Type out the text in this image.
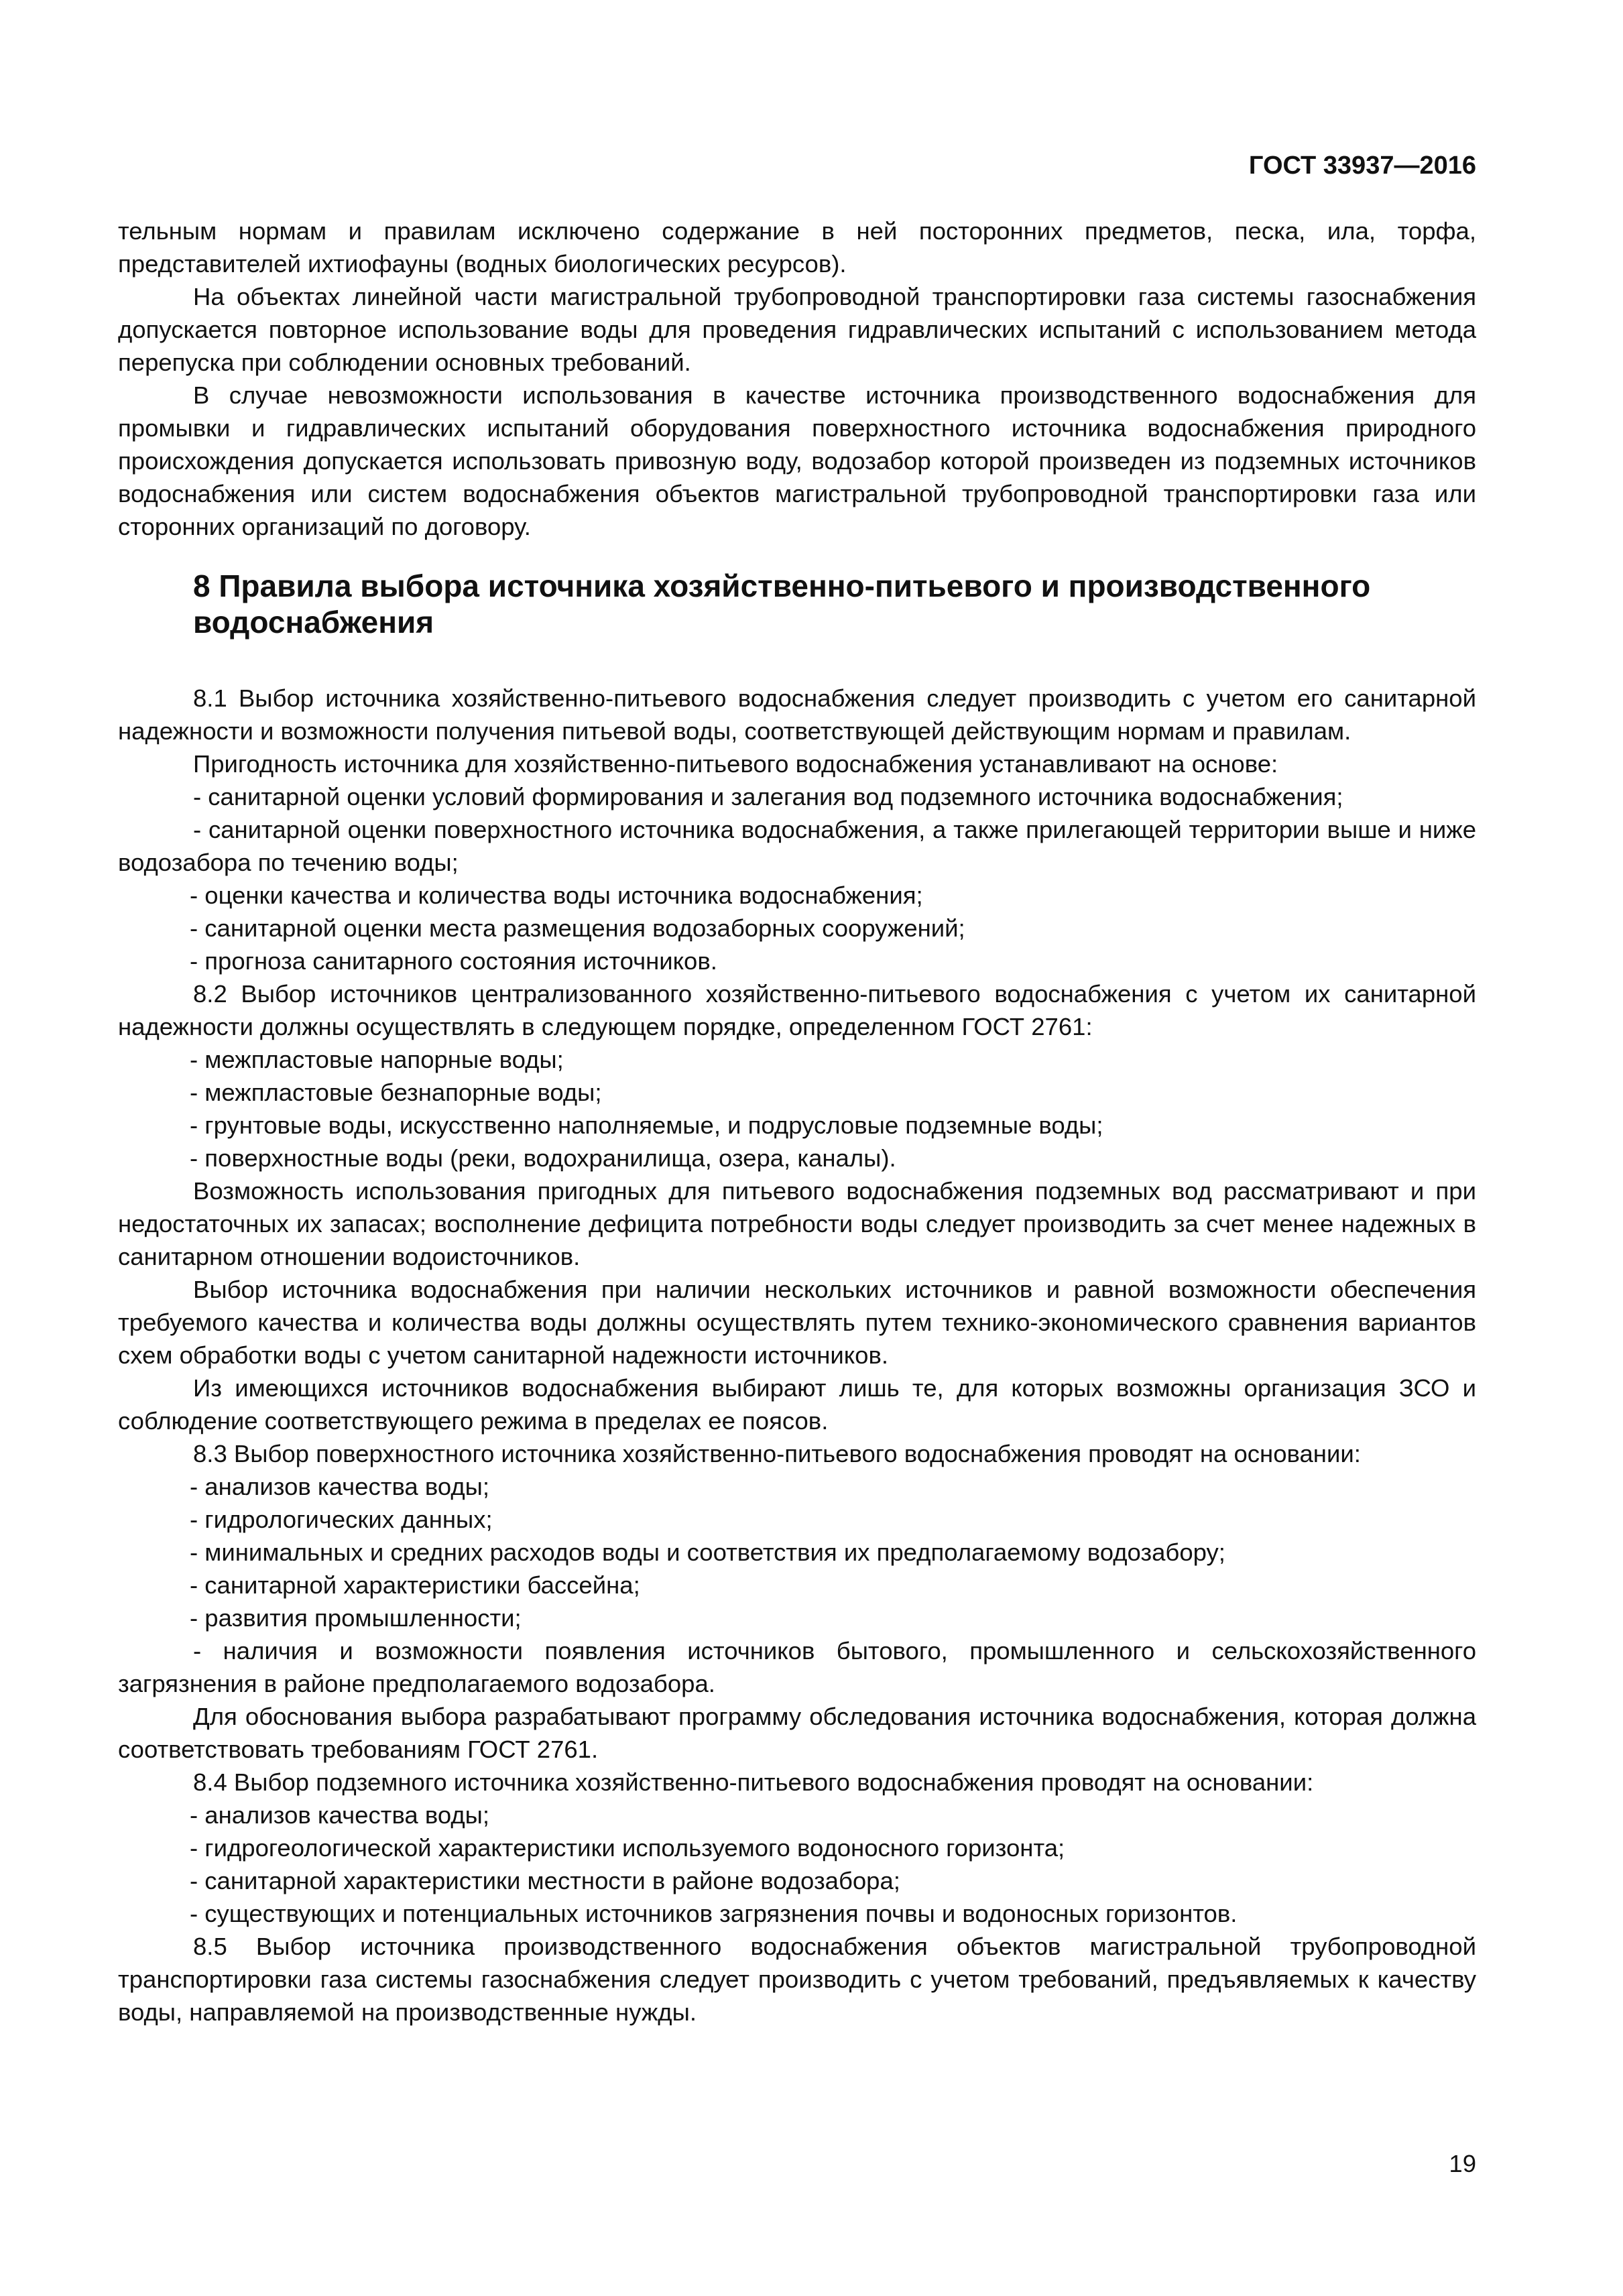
ГОСТ 33937—2016

тельным нормам и правилам исключено содержание в ней посторонних предметов, песка, ила, торфа, представителей ихтиофауны (водных биологических ресурсов).

На объектах линейной части магистральной трубопроводной транспортировки газа системы газоснабжения допускается повторное использование воды для проведения гидравлических испытаний с использованием метода перепуска при соблюдении основных требований.

В случае невозможности использования в качестве источника производственного водоснабжения для промывки и гидравлических испытаний оборудования поверхностного источника водоснабжения природного происхождения допускается использовать привозную воду, водозабор которой произведен из подземных источников водоснабжения или систем водоснабжения объектов магистральной трубопроводной транспортировки газа или сторонних организаций по договору.

8 Правила выбора источника хозяйственно-питьевого и производственного водоснабжения

8.1 Выбор источника хозяйственно-питьевого водоснабжения следует производить с учетом его санитарной надежности и возможности получения питьевой воды, соответствующей действующим нормам и правилам.

Пригодность источника для хозяйственно-питьевого водоснабжения устанавливают на основе:

- санитарной оценки условий формирования и залегания вод подземного источника водоснабжения;

- санитарной оценки поверхностного источника водоснабжения, а также прилегающей территории выше и ниже водозабора по течению воды;

- оценки качества и количества воды источника водоснабжения;

- санитарной оценки места размещения водозаборных сооружений;

- прогноза санитарного состояния источников.

8.2 Выбор источников централизованного хозяйственно-питьевого водоснабжения с учетом их санитарной надежности должны осуществлять в следующем порядке, определенном ГОСТ 2761:

- межпластовые напорные воды;

- межпластовые безнапорные воды;

- грунтовые воды, искусственно наполняемые, и подрусловые подземные воды;

- поверхностные воды (реки, водохранилища, озера, каналы).

Возможность использования пригодных для питьевого водоснабжения подземных вод рассматривают и при недостаточных их запасах; восполнение дефицита потребности воды следует производить за счет менее надежных в санитарном отношении водоисточников.

Выбор источника водоснабжения при наличии нескольких источников и равной возможности обеспечения требуемого качества и количества воды должны осуществлять путем технико-экономического сравнения вариантов схем обработки воды с учетом санитарной надежности источников.

Из имеющихся источников водоснабжения выбирают лишь те, для которых возможны организация ЗСО и соблюдение соответствующего режима в пределах ее поясов.

8.3 Выбор поверхностного источника хозяйственно-питьевого водоснабжения проводят на основании:

- анализов качества воды;

- гидрологических данных;

- минимальных и средних расходов воды и соответствия их предполагаемому водозабору;

- санитарной характеристики бассейна;

- развития промышленности;

- наличия и возможности появления источников бытового, промышленного и сельскохозяйственного загрязнения в районе предполагаемого водозабора.

Для обоснования выбора разрабатывают программу обследования источника водоснабжения, которая должна соответствовать требованиям ГОСТ 2761.

8.4 Выбор подземного источника хозяйственно-питьевого водоснабжения проводят на основании:

- анализов качества воды;

- гидрогеологической характеристики используемого водоносного горизонта;

- санитарной характеристики местности в районе водозабора;

- существующих и потенциальных источников загрязнения почвы и водоносных горизонтов.

8.5 Выбор источника производственного водоснабжения объектов магистральной трубопроводной транспортировки газа системы газоснабжения следует производить с учетом требований, предъявляемых к качеству воды, направляемой на производственные нужды.

19
